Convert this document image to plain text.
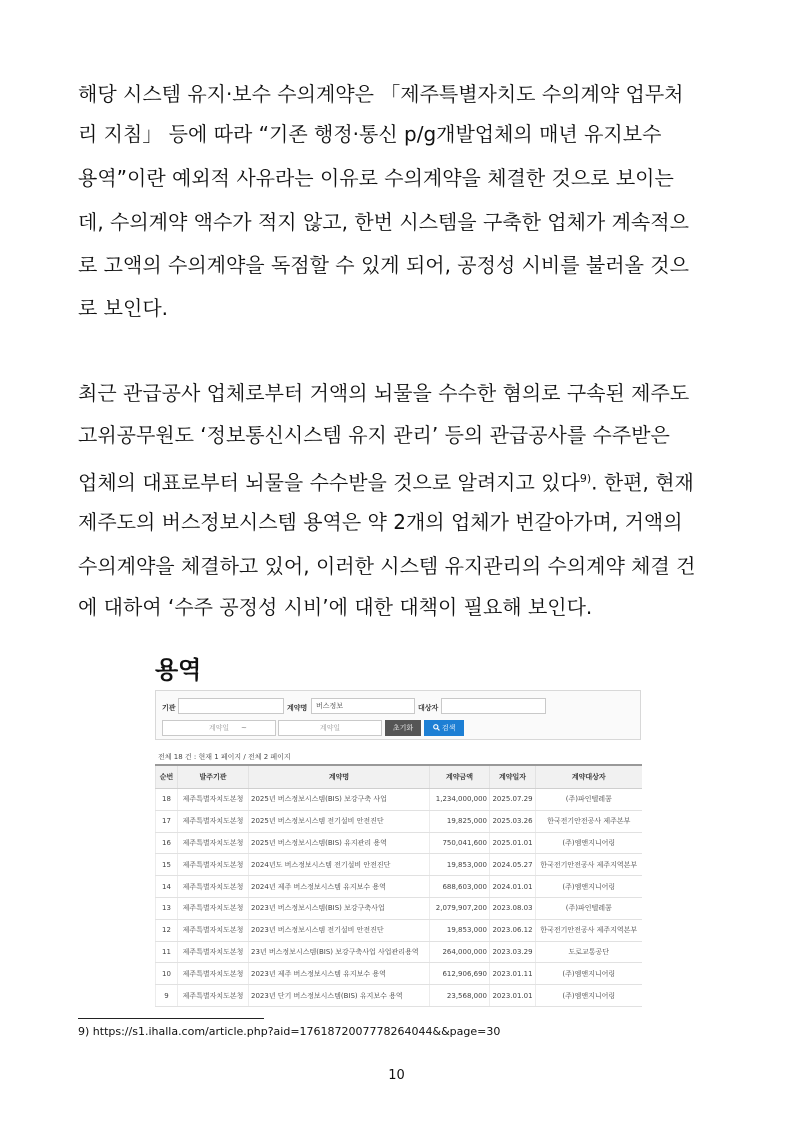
해당 시스템 유지·보수 수의계약은 「제주특별자치도 수의계약 업무처
리 지침」 등에 따라 “기존 행정·통신 p/g개발업체의 매년 유지보수
용역”이란 예외적 사유라는 이유로 수의계약을 체결한 것으로 보이는
데, 수의계약 액수가 적지 않고, 한번 시스템을 구축한 업체가 계속적으
로 고액의 수의계약을 독점할 수 있게 되어, 공정성 시비를 불러올 것으
로 보인다.
최근 관급공사 업체로부터 거액의 뇌물을 수수한 혐의로 구속된 제주도
고위공무원도 ‘정보통신시스템 유지 관리’ 등의 관급공사를 수주받은
업체의 대표로부터 뇌물을 수수받을 것으로 알려지고 있다$^{9)}$. 한편, 현재
제주도의 버스정보시스템 용역은 약 2개의 업체가 번갈아가며, 거액의
수의계약을 체결하고 있어, 이러한 시스템 유지관리의 수의계약 체결 건
에 대하여 ‘수주 공정성 시비’에 대한 대책이 필요해 보인다.
용역
기관	계약명	버스정보	대상자
계약일	~	계약일	초기화	검색
전체 18 건 : 현재 1 페이지 / 전체 2 페이지
순번	발주기관	계약명	계약금액	계약일자	계약대상자
18	제주특별자치도본청	2025년 버스정보시스템(BIS) 보강구축 사업	1,234,000,000	2025.07.29	(주)파인텔레콤
17	제주특별자치도본청	2025년 버스정보시스템 전기설비 안전진단	19,825,000	2025.03.26	한국전기안전공사 제주본부
16	제주특별자치도본청	2025년 버스정보시스템(BIS) 유지관리 용역	750,041,600	2025.01.01	(주)엠앤지니어링
15	제주특별자치도본청	2024년도 버스정보시스템 전기설비 안전진단	19,853,000	2024.05.27	한국전기안전공사 제주지역본부
14	제주특별자치도본청	2024년 제주 버스정보시스템 유지보수 용역	688,603,000	2024.01.01	(주)엠앤지니어링
13	제주특별자치도본청	2023년 버스정보시스템(BIS) 보강구축사업	2,079,907,200	2023.08.03	(주)파인텔레콤
12	제주특별자치도본청	2023년 버스정보시스템 전기설비 안전진단	19,853,000	2023.06.12	한국전기안전공사 제주지역본부
11	제주특별자치도본청	23년 버스정보시스템(BIS) 보강구축사업 사업관리용역	264,000,000	2023.03.29	도로교통공단
10	제주특별자치도본청	2023년 제주 버스정보시스템 유지보수 용역	612,906,690	2023.01.11	(주)엠앤지니어링
9	제주특별자치도본청	2023년 단기 버스정보시스템(BIS) 유지보수 용역	23,568,000	2023.01.01	(주)엠앤지니어링
9) https://s1.ihalla.com/article.php?aid=1761872007778264044&&page=30
10
